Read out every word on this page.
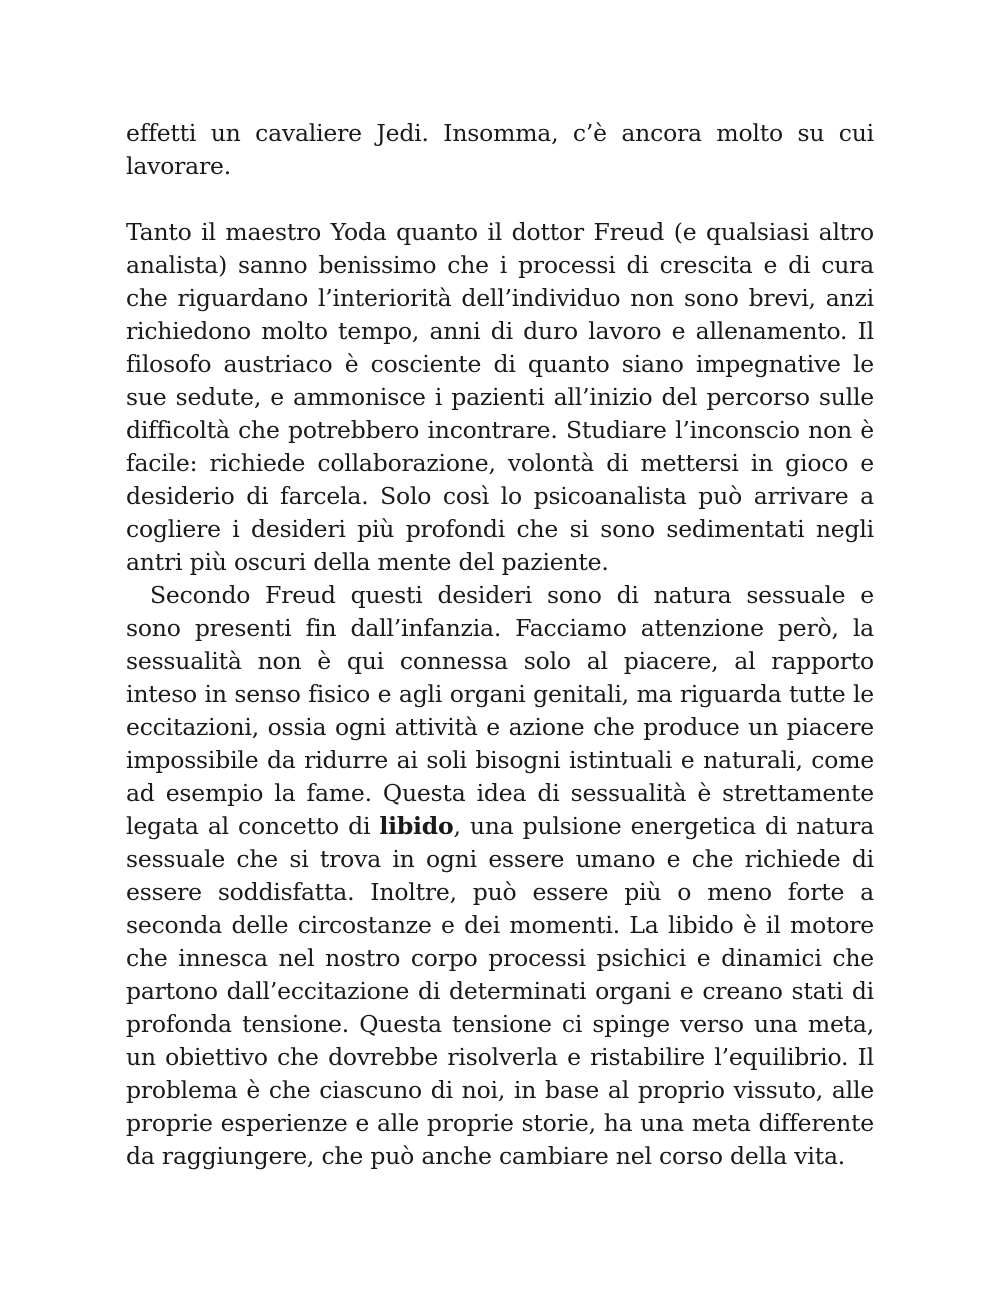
effetti un cavaliere Jedi. Insomma, c’è ancora molto su cui lavorare.

Tanto il maestro Yoda quanto il dottor Freud (e qualsiasi altro analista) sanno benissimo che i processi di crescita e di cura che riguardano l’interiorità dell’individuo non sono brevi, anzi richiedono molto tempo, anni di duro lavoro e allenamento. Il filosofo austriaco è cosciente di quanto siano impegnative le sue sedute, e ammonisce i pazienti all’inizio del percorso sulle difficoltà che potrebbero incontrare. Studiare l’inconscio non è facile: richiede collaborazione, volontà di mettersi in gioco e desiderio di farcela. Solo così lo psicoanalista può arrivare a cogliere i desideri più profondi che si sono sedimentati negli antri più oscuri della mente del paziente.

Secondo Freud questi desideri sono di natura sessuale e sono presenti fin dall’infanzia. Facciamo attenzione però, la sessualità non è qui connessa solo al piacere, al rapporto inteso in senso fisico e agli organi genitali, ma riguarda tutte le eccitazioni, ossia ogni attività e azione che produce un piacere impossibile da ridurre ai soli bisogni istintuali e naturali, come ad esempio la fame. Questa idea di sessualità è strettamente legata al concetto di libido, una pulsione energetica di natura sessuale che si trova in ogni essere umano e che richiede di essere soddisfatta. Inoltre, può essere più o meno forte a seconda delle circostanze e dei momenti. La libido è il motore che innesca nel nostro corpo processi psichici e dinamici che partono dall’eccitazione di determinati organi e creano stati di profonda tensione. Questa tensione ci spinge verso una meta, un obiettivo che dovrebbe risolverla e ristabilire l’equilibrio. Il problema è che ciascuno di noi, in base al proprio vissuto, alle proprie esperienze e alle proprie storie, ha una meta differente da raggiungere, che può anche cambiare nel corso della vita.
